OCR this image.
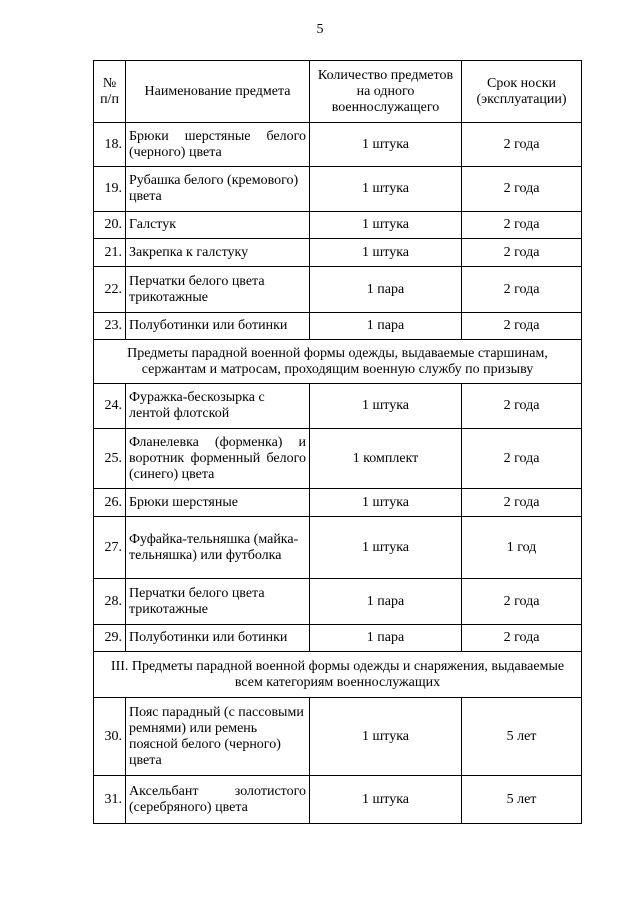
5
№ п/п	Наименование предмета	Количество предметов на одного военнослужащего	Срок носки (эксплуатации)
18.	Брюки шерстяные белого (черного) цвета	1 штука	2 года
19.	Рубашка белого (кремового) цвета	1 штука	2 года
20.	Галстук	1 штука	2 года
21.	Закрепка к галстуку	1 штука	2 года
22.	Перчатки белого цвета трикотажные	1 пара	2 года
23.	Полуботинки или ботинки	1 пара	2 года
Предметы парадной военной формы одежды, выдаваемые старшинам, сержантам и матросам, проходящим военную службу по призыву			
24.	Фуражка-бескозырка с лентой флотской	1 штука	2 года
25.	Фланелевка (форменка) и воротник форменный белого (синего) цвета	1 комплект	2 года
26.	Брюки шерстяные	1 штука	2 года
27.	Фуфайка-тельняшка (майка-тельняшка) или футболка	1 штука	1 год
28.	Перчатки белого цвета трикотажные	1 пара	2 года
29.	Полуботинки или ботинки	1 пара	2 года
III. Предметы парадной военной формы одежды и снаряжения, выдаваемые всем категориям военнослужащих			
30.	Пояс парадный (с пассовыми ремнями) или ремень поясной белого (черного) цвета	1 штука	5 лет
31.	Аксельбант золотистого (серебряного) цвета	1 штука	5 лет
